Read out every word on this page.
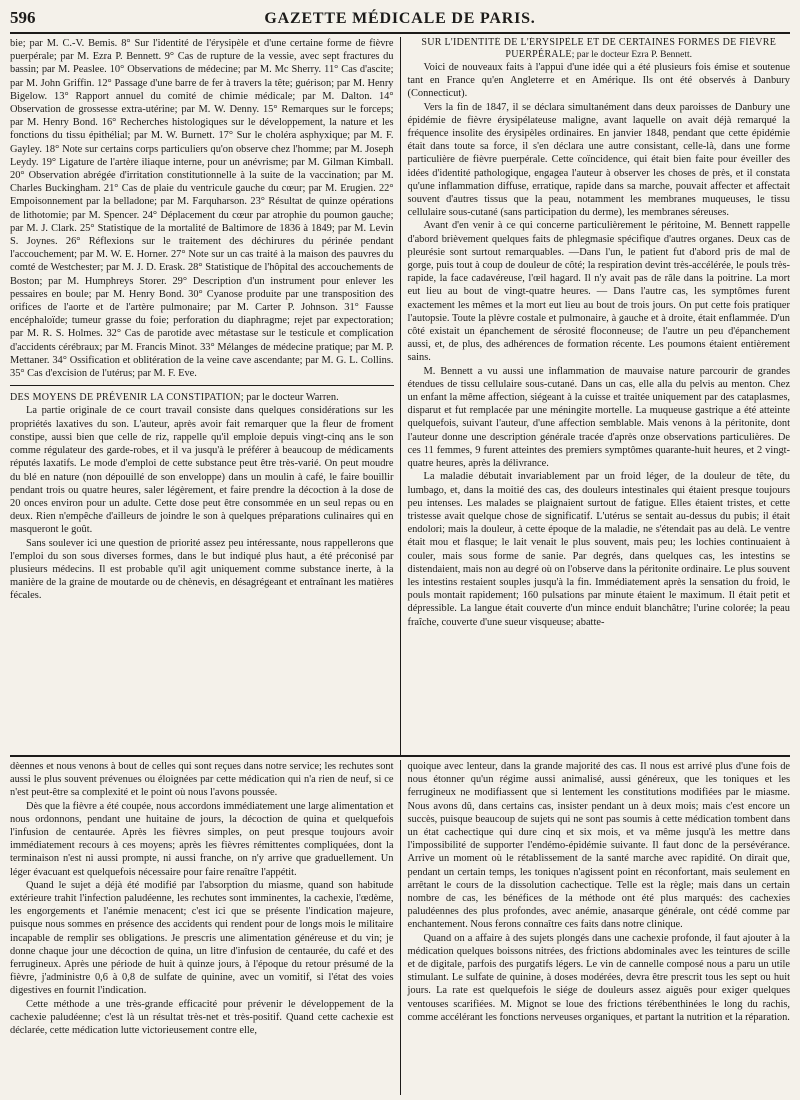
596	GAZETTE MÉDICALE DE PARIS.

bie; par M. C.-V. Bemis. 8° Sur l'identité de l'érysipèle et d'une certaine forme de fièvre puerpérale; par M. Ezra P. Bennett. 9° Cas de rupture de la vessie, avec sept fractures du bassin; par M. Peaslee. 10° Observations de médecine; par M. Mc Sherry. 11° Cas d'ascite; par M. John Griffin. 12° Passage d'une barre de fer à travers la tête; guérison; par M. Henry Bigelow. 13° Rapport annuel du comité de chimie médicale; par M. Dalton. 14° Observation de grossesse extra-utérine; par M. W. Denny. 15° Remarques sur le forceps; par M. Henry Bond. 16° Recherches histologiques sur le développement, la nature et les fonctions du tissu épithélial; par M. W. Burnett. 17° Sur le choléra asphyxique; par M. F. Gayley. 18° Note sur certains corps particuliers qu'on observe chez l'homme; par M. Joseph Leydy. 19° Ligature de l'artère iliaque interne, pour un anévrisme; par M. Gilman Kimball. 20° Observation abrégée d'irritation constitutionnelle à la suite de la vaccination; par M. Charles Buckingham. 21° Cas de plaie du ventricule gauche du cœur; par M. Erugien. 22° Empoisonnement par la belladone; par M. Farquharson. 23° Résultat de quinze opérations de lithotomie; par M. Spencer. 24° Déplacement du cœur par atrophie du poumon gauche; par M. J. Clark. 25° Statistique de la mortalité de Baltimore de 1836 à 1849; par M. Levin S. Joynes. 26° Réflexions sur le traitement des déchirures du périnée pendant l'accouchement; par M. W. E. Horner. 27° Note sur un cas traité à la maison des pauvres du comté de Westchester; par M. J. D. Erask. 28° Statistique de l'hôpital des accouchements de Boston; par M. Humphreys Storer. 29° Description d'un instrument pour enlever les pessaires en boule; par M. Henry Bond. 30° Cyanose produite par une transposition des orifices de l'aorte et de l'artère pulmonaire; par M. Carter P. Johnson. 31° Fausse encéphaloïde; tumeur grasse du foie; perforation du diaphragme; rejet par expectoration; par M. R. S. Holmes. 32° Cas de parotide avec métastase sur le testicule et complication d'accidents cérébraux; par M. Francis Minot. 33° Mélanges de médecine pratique; par M. P. Mettaner. 34° Ossification et oblitération de la veine cave ascendante; par M. G. L. Collins. 35° Cas d'excision de l'utérus; par M. F. Eve.

DES MOYENS DE PRÉVENIR LA CONSTIPATION; par le docteur Warren.

La partie originale de ce court travail consiste dans quelques considérations sur les propriétés laxatives du son. L'auteur, après avoir fait remarquer que la fleur de froment constipe, aussi bien que celle de riz, rappelle qu'il emploie depuis vingt-cinq ans le son comme régulateur des garde-robes, et il va jusqu'à le préférer à beaucoup de médicaments réputés laxatifs. Le mode d'emploi de cette substance peut être très-varié. On peut moudre du blé en nature (non dépouillé de son enveloppe) dans un moulin à café, le faire bouillir pendant trois ou quatre heures, saler légèrement, et faire prendre la décoction à la dose de 20 onces environ pour un adulte. Cette dose peut être consommée en un seul repas ou en deux. Rien n'empêche d'ailleurs de joindre le son à quelques préparations culinaires qui en masqueront le goût.

Sans soulever ici une question de priorité assez peu intéressante, nous rappellerons que l'emploi du son sous diverses formes, dans le but indiqué plus haut, a été préconisé par plusieurs médecins. Il est probable qu'il agit uniquement comme substance inerte, à la manière de la graine de moutarde ou de chènevis, en désagrégeant et entraînant les matières fécales.

SUR L'IDENTITÉ DE L'ÉRYSIPÈLE ET DE CERTAINES FORMES DE FIÈVRE PUERPÉRALE; par le docteur Ezra P. Bennett.

Voici de nouveaux faits à l'appui d'une idée qui a été plusieurs fois émise et soutenue tant en France qu'en Angleterre et en Amérique. Ils ont été observés à Danbury (Connecticut).

Vers la fin de 1847, il se déclara simultanément dans deux paroisses de Danbury une épidémie de fièvre érysipélateuse maligne, avant laquelle on avait déjà remarqué la fréquence insolite des érysipèles ordinaires. En janvier 1848, pendant que cette épidémie était dans toute sa force, il s'en déclara une autre consistant, celle-là, dans une forme particulière de fièvre puerpérale. Cette coïncidence, qui était bien faite pour éveiller des idées d'identité pathologique, engagea l'auteur à observer les choses de près, et il constata qu'une inflammation diffuse, erratique, rapide dans sa marche, pouvait affecter et affectait souvent d'autres tissus que la peau, notamment les membranes muqueuses, le tissu cellulaire sous-cutané (sans participation du derme), les membranes séreuses.

Avant d'en venir à ce qui concerne particulièrement le péritoine, M. Bennett rappelle d'abord brièvement quelques faits de phlegmasie spécifique d'autres organes. Deux cas de pleurésie sont surtout remarquables. —Dans l'un, le patient fut d'abord pris de mal de gorge, puis tout à coup de douleur de côté; la respiration devint très-accélérée, le pouls très-rapide, la face cadavéreuse, l'œil hagard. Il n'y avait pas de râle dans la poitrine. La mort eut lieu au bout de vingt-quatre heures. — Dans l'autre cas, les symptômes furent exactement les mêmes et la mort eut lieu au bout de trois jours. On put cette fois pratiquer l'autopsie. Toute la plèvre costale et pulmonaire, à gauche et à droite, était enflammée. D'un côté existait un épanchement de sérosité floconneuse; de l'autre un peu d'épanchement aussi, et, de plus, des adhérences de formation récente. Les poumons étaient entièrement sains.

M. Bennett a vu aussi une inflammation de mauvaise nature parcourir de grandes étendues de tissu cellulaire sous-cutané. Dans un cas, elle alla du pelvis au menton. Chez un enfant la même affection, siégeant à la cuisse et traitée uniquement par des cataplasmes, disparut et fut remplacée par une méningite mortelle. La muqueuse gastrique a été atteinte quelquefois, suivant l'auteur, d'une affection semblable. Mais venons à la péritonite, dont l'auteur donne une description générale tracée d'après onze observations particulières. De ces 11 femmes, 9 furent atteintes des premiers symptômes quarante-huit heures, et 2 vingt-quatre heures, après la délivrance.

La maladie débutait invariablement par un froid léger, de la douleur de tête, du lumbago, et, dans la moitié des cas, des douleurs intestinales qui étaient presque toujours peu intenses. Les malades se plaignaient surtout de fatigue. Elles étaient tristes, et cette tristesse avait quelque chose de significatif. L'utérus se sentait au-dessus du pubis; il était endolori; mais la douleur, à cette époque de la maladie, ne s'étendait pas au delà. Le ventre était mou et flasque; le lait venait le plus souvent, mais peu; les lochies continuaient à couler, mais sous forme de sanie. Par degrés, dans quelques cas, les intestins se distendaient, mais non au degré où on l'observe dans la péritonite ordinaire. Le plus souvent les intestins restaient souples jusqu'à la fin. Immédiatement après la sensation du froid, le pouls montait rapidement; 160 pulsations par minute étaient le maximum. Il était petit et dépressible. La langue était couverte d'un mince enduit blanchâtre; l'urine colorée; la peau fraîche, couverte d'une sueur visqueuse; abatte-

dèennes et nous venons à bout de celles qui sont reçues dans notre service; les rechutes sont aussi le plus souvent prévenues ou éloignées par cette médication qui n'a rien de neuf, si ce n'est peut-être sa complexité et le point où nous l'avons poussée.

Dès que la fièvre a été coupée, nous accordons immédiatement une large alimentation et nous ordonnons, pendant une huitaine de jours, la décoction de quina et quelquefois l'infusion de centaurée. Après les fièvres simples, on peut presque toujours avoir immédiatement recours à ces moyens; après les fièvres rémittentes compliquées, dont la terminaison n'est ni aussi prompte, ni aussi franche, on n'y arrive que graduellement. Un léger évacuant est quelquefois nécessaire pour faire renaître l'appétit.

Quand le sujet a déjà été modifié par l'absorption du miasme, quand son habitude extérieure trahit l'infection paludéenne, les rechutes sont imminentes, la cachexie, l'œdème, les engorgements et l'anémie menacent; c'est ici que se présente l'indication majeure, puisque nous sommes en présence des accidents qui rendent pour de longs mois le militaire incapable de remplir ses obligations. Je prescris une alimentation généreuse et du vin; je donne chaque jour une décoction de quina, un litre d'infusion de centaurée, du café et des ferrugineux. Après une période de huit à quinze jours, à l'époque du retour présumé de la fièvre, j'administre 0,6 à 0,8 de sulfate de quinine, avec un vomitif, si l'état des voies digestives en fournit l'indication.

Cette méthode a une très-grande efficacité pour prévenir le développement de la cachexie paludéenne; c'est là un résultat très-net et très-positif. Quand cette cachexie est déclarée, cette médication lutte victorieusement contre elle,

quoique avec lenteur, dans la grande majorité des cas. Il nous est arrivé plus d'une fois de nous étonner qu'un régime aussi animalisé, aussi généreux, que les toniques et les ferrugineux ne modifiassent que si lentement les constitutions modifiées par le miasme. Nous avons dû, dans certains cas, insister pendant un à deux mois; mais c'est encore un succès, puisque beaucoup de sujets qui ne sont pas soumis à cette médication tombent dans un état cachectique qui dure cinq et six mois, et va même jusqu'à les mettre dans l'impossibilité de supporter l'endémo-épidémie suivante. Il faut donc de la persévérance. Arrive un moment où le rétablissement de la santé marche avec rapidité. On dirait que, pendant un certain temps, les toniques n'agissent point en réconfortant, mais seulement en arrêtant le cours de la dissolution cachectique. Telle est la règle; mais dans un certain nombre de cas, les bénéfices de la méthode ont été plus marqués: des cachexies paludéennes des plus profondes, avec anémie, anasarque générale, ont cédé comme par enchantement. Nous ferons connaître ces faits dans notre clinique.

Quand on a affaire à des sujets plongés dans une cachexie profonde, il faut ajouter à la médication quelques boissons nitrées, des frictions abdominales avec les teintures de scille et de digitale, parfois des purgatifs légers. Le vin de cannelle composé nous a paru un utile stimulant. Le sulfate de quinine, à doses modérées, devra être prescrit tous les sept ou huit jours. La rate est quelquefois le siége de douleurs assez aiguës pour exiger quelques ventouses scarifiées. M. Mignot se loue des frictions térébenthinées le long du rachis, comme accélérant les fonctions nerveuses organiques, et partant la nutrition et la réparation.
